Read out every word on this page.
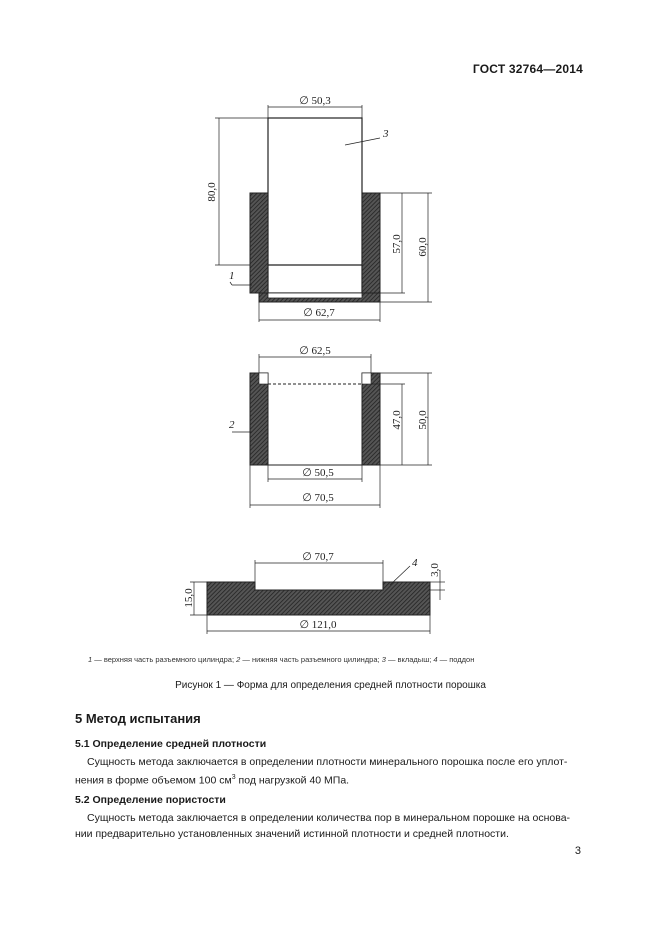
ГОСТ 32764—2014
∅ 50,3
80,0
57,0 60,0
∅ 62,7
3
1
∅ 62,5
47,0 50,0
∅ 50,5
∅ 70,5
2
∅ 70,7
3,0
15,0
∅ 121,0
4
1 — верхняя часть разъемного цилиндра; 2 — нижняя часть разъемного цилиндра; 3 — вкладыш; 4 — поддон
Рисунок 1 — Форма для определения средней плотности порошка
5 Метод испытания
5.1 Определение средней плотности
Сущность метода заключается в определении плотности минерального порошка после его уплот-
нения в форме объемом 100 $см^3$ под нагрузкой 40 МПа.
5.2 Определение пористости
Сущность метода заключается в определении количества пор в минеральном порошке на основа-
нии предварительно установленных значений истинной плотности и средней плотности.
3
